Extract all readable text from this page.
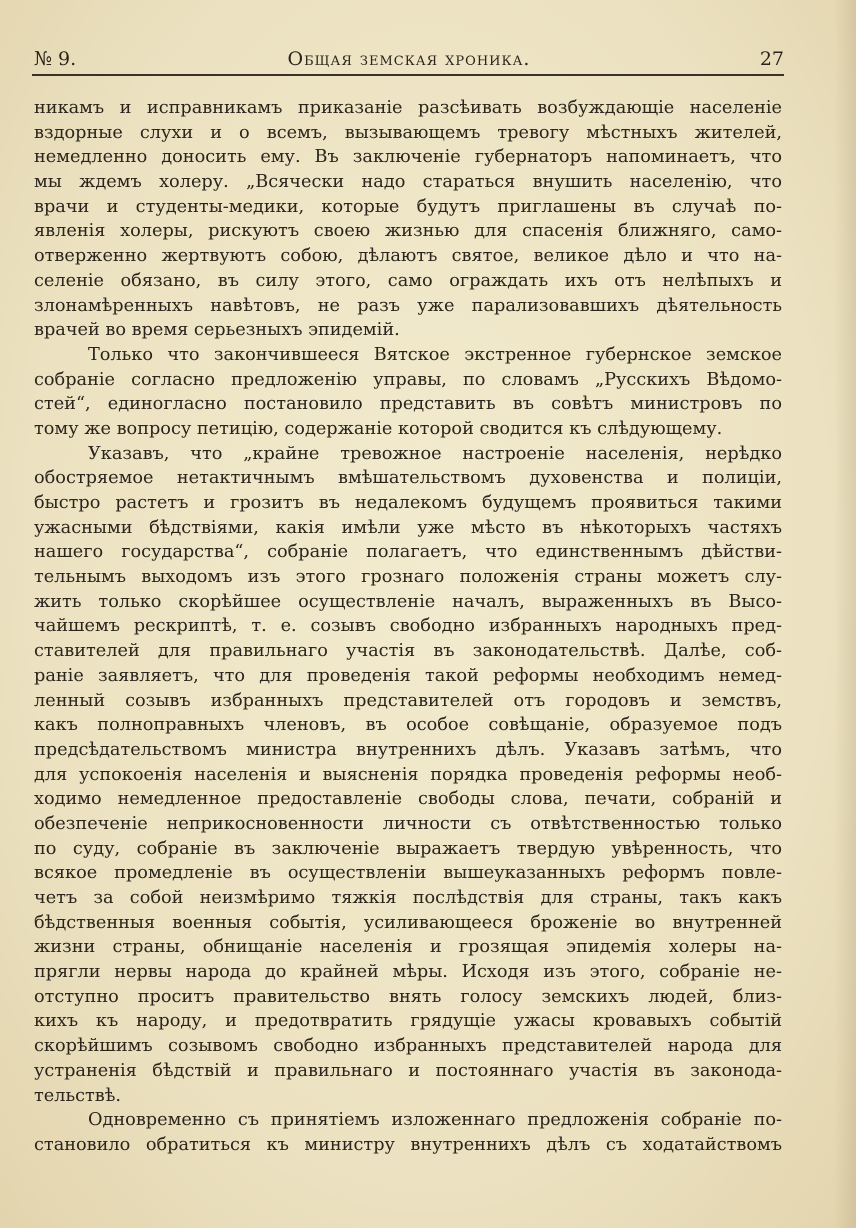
№ 9.	Общая земская хроника.	27
никамъ и исправникамъ приказаніе разсѣивать возбуждающіе населеніе
вздорные слухи и о всемъ, вызывающемъ тревогу мѣстныхъ жителей,
немедленно доносить ему. Въ заключеніе губернаторъ напоминаетъ, что
мы ждемъ холеру. „Всячески надо стараться внушить населенію, что
врачи и студенты-медики, которые будутъ приглашены въ случаѣ по-
явленія холеры, рискуютъ своею жизнью для спасенія ближняго, само-
отверженно жертвуютъ собою, дѣлаютъ святое, великое дѣло и что на-
селеніе обязано, въ силу этого, само ограждать ихъ отъ нелѣпыхъ и
злонамѣренныхъ навѣтовъ, не разъ уже парализовавшихъ дѣятельность
врачей во время серьезныхъ эпидемій.
Только что закончившееся Вятское экстренное губернское земское
собраніе согласно предложенію управы, по словамъ „Русскихъ Вѣдомо-
стей“, единогласно постановило представить въ совѣтъ министровъ по
тому же вопросу петицію, содержаніе которой сводится къ слѣдующему.
Указавъ, что „крайне тревожное настроеніе населенія, нерѣдко
обостряемое нетактичнымъ вмѣшательствомъ духовенства и полиціи,
быстро растетъ и грозитъ въ недалекомъ будущемъ проявиться такими
ужасными бѣдствіями, какія имѣли уже мѣсто въ нѣкоторыхъ частяхъ
нашего государства“, собраніе полагаетъ, что единственнымъ дѣйстви-
тельнымъ выходомъ изъ этого грознаго положенія страны можетъ слу-
жить только скорѣйшее осуществленіе началъ, выраженныхъ въ Высо-
чайшемъ рескриптѣ, т. е. созывъ свободно избранныхъ народныхъ пред-
ставителей для правильнаго участія въ законодательствѣ. Далѣе, соб-
раніе заявляетъ, что для проведенія такой реформы необходимъ немед-
ленный созывъ избранныхъ представителей отъ городовъ и земствъ,
какъ полноправныхъ членовъ, въ особое совѣщаніе, образуемое подъ
предсѣдательствомъ министра внутреннихъ дѣлъ. Указавъ затѣмъ, что
для успокоенія населенія и выясненія порядка проведенія реформы необ-
ходимо немедленное предоставленіе свободы слова, печати, собраній и
обезпеченіе неприкосновенности личности съ отвѣтственностью только
по суду, собраніе въ заключеніе выражаетъ твердую увѣренность, что
всякое промедленіе въ осуществленіи вышеуказанныхъ реформъ повле-
четъ за собой неизмѣримо тяжкія послѣдствія для страны, такъ какъ
бѣдственныя военныя событія, усиливающееся броженіе во внутренней
жизни страны, обнищаніе населенія и грозящая эпидемія холеры на-
прягли нервы народа до крайней мѣры. Исходя изъ этого, собраніе не-
отступно проситъ правительство внять голосу земскихъ людей, близ-
кихъ къ народу, и предотвратить грядущіе ужасы кровавыхъ событій
скорѣйшимъ созывомъ свободно избранныхъ представителей народа для
устраненія бѣдствій и правильнаго и постояннаго участія въ законода-
тельствѣ.
Одновременно съ принятіемъ изложеннаго предложенія собраніе по-
становило обратиться къ министру внутреннихъ дѣлъ съ ходатайствомъ
